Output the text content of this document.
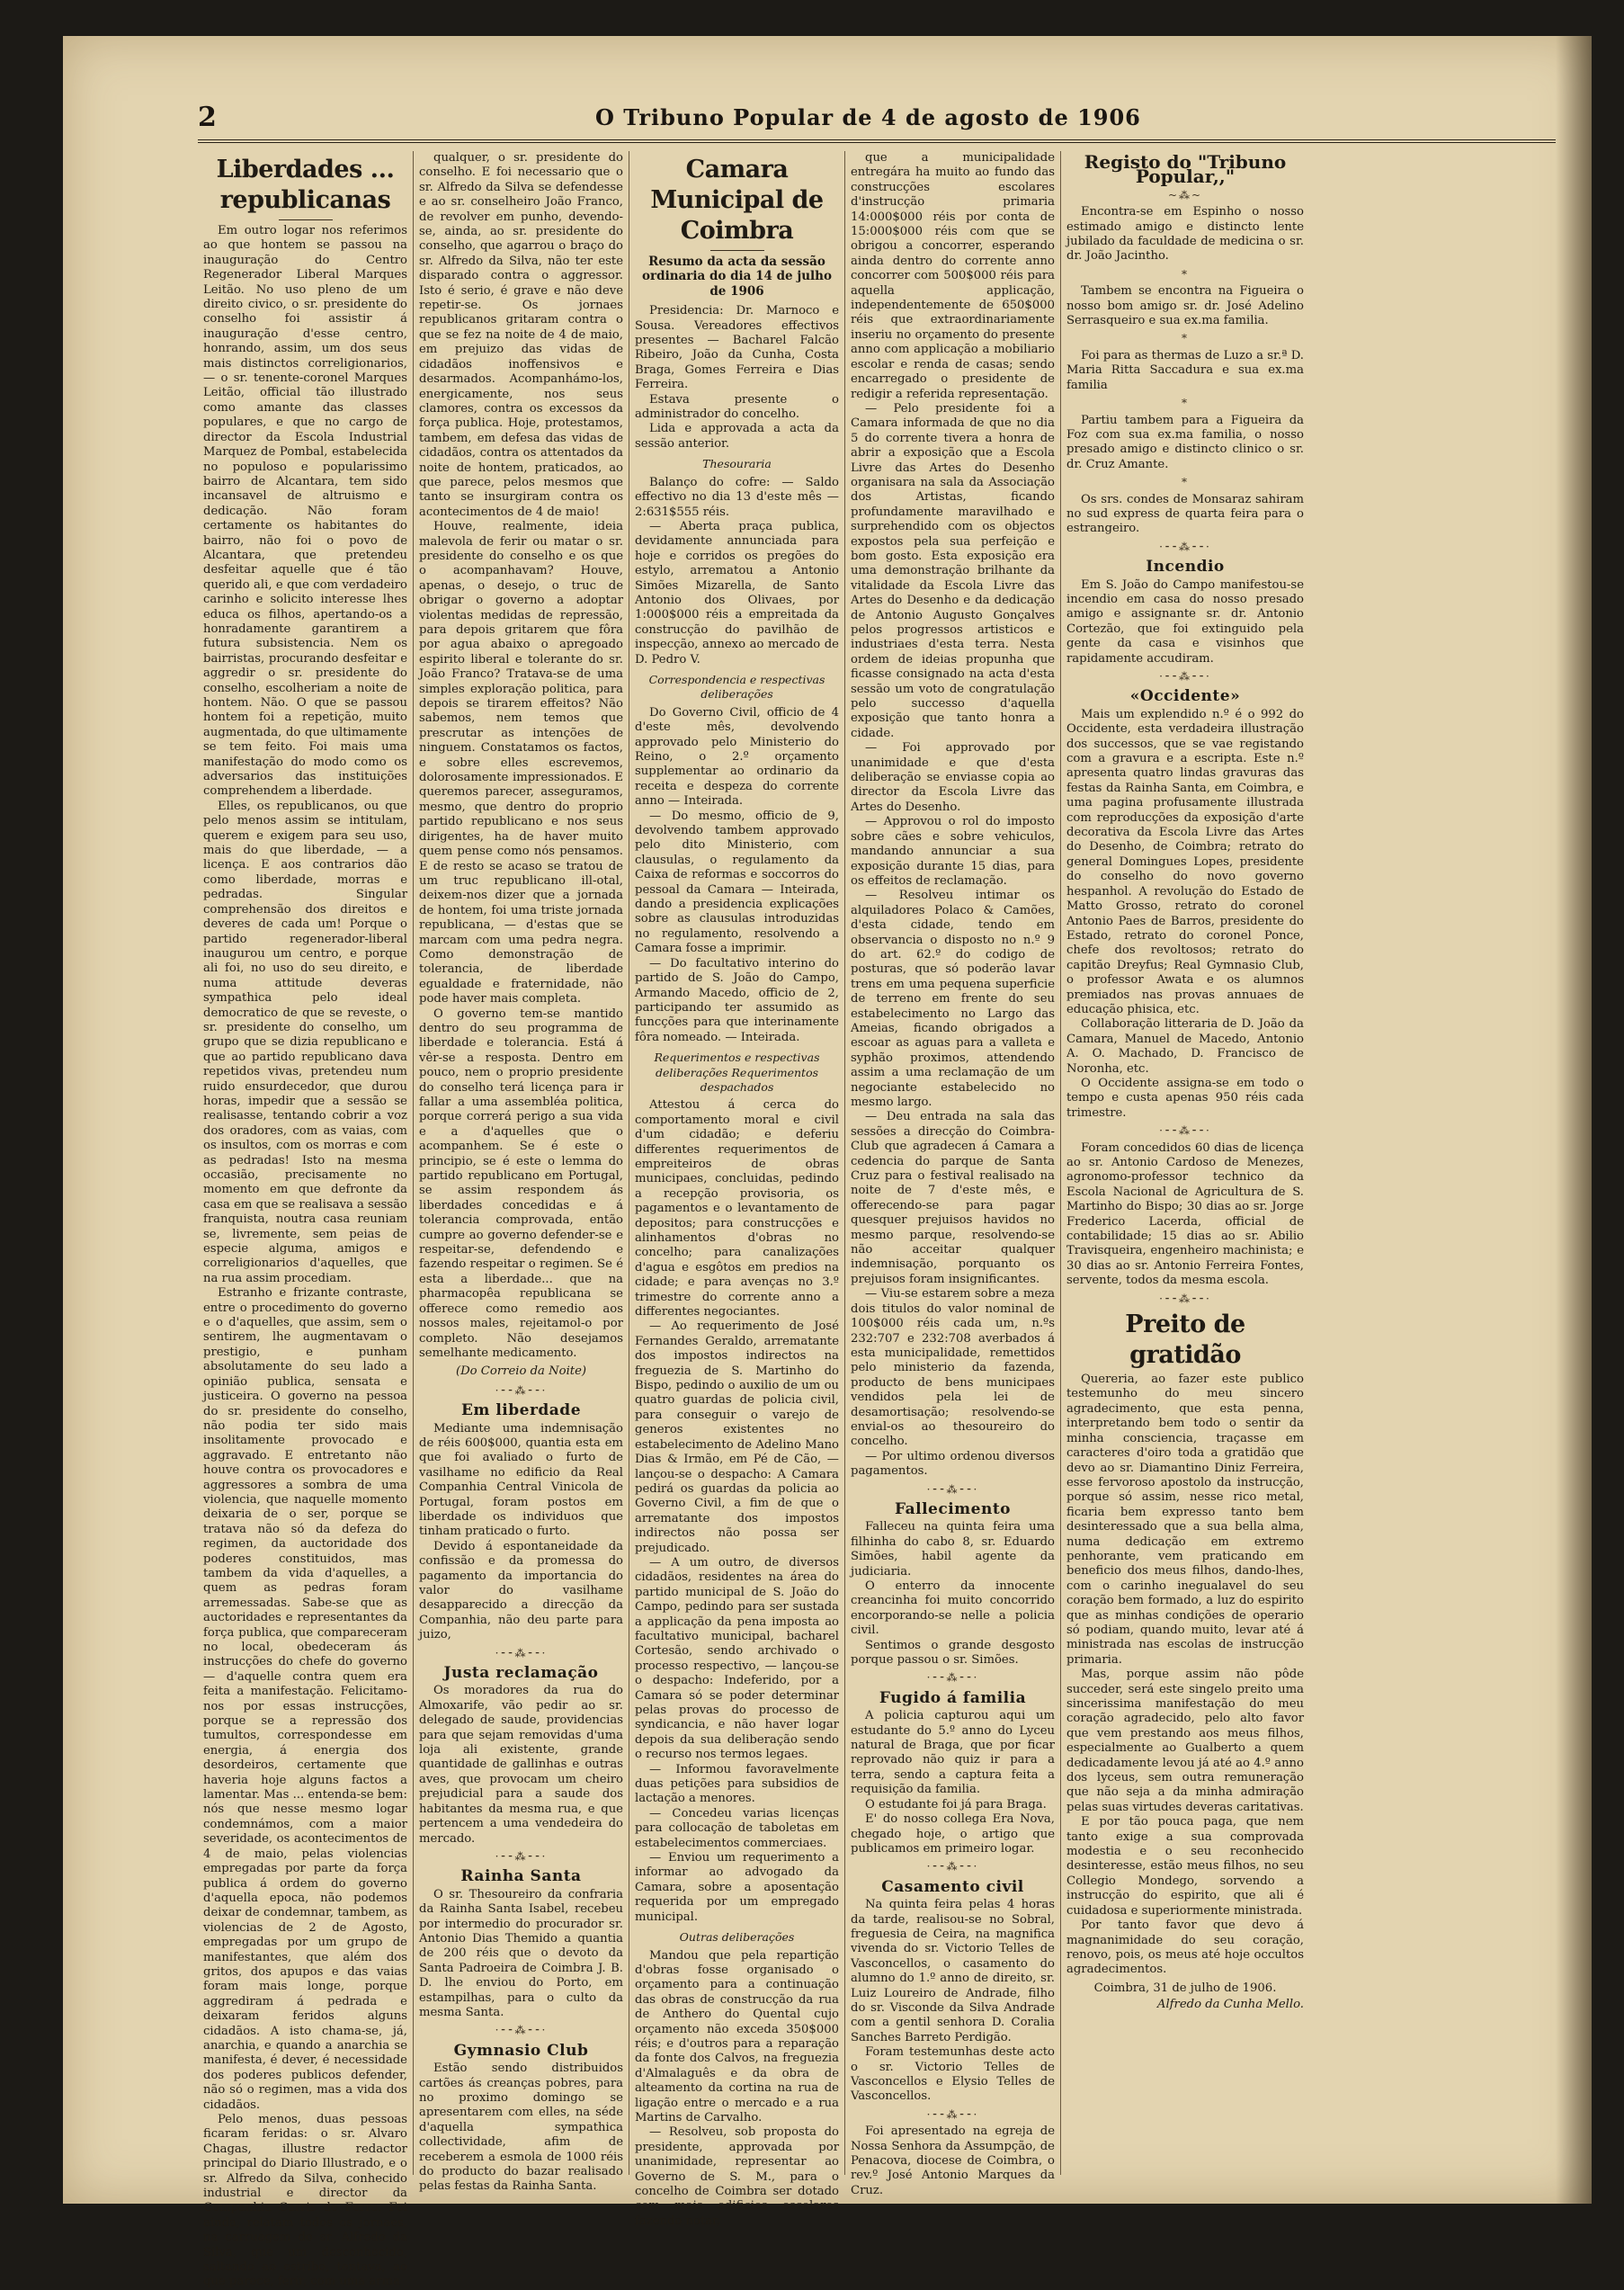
2	O Tribuno Popular de 4 de agosto de 1906
Liberdades ... republicanas

Em outro logar nos referimos ao que hontem se passou na inauguração do Centro Regenerador Liberal Marques Leitão. No uso pleno de um direito civico, o sr. presidente do conselho foi assistir á inauguração d'esse centro, honrando, assim, um dos seus mais distinctos correligionarios, — o sr. tenente-coronel Marques Leitão, official tão illustrado como amante das classes populares, e que no cargo de director da Escola Industrial Marquez de Pombal, estabelecida no populoso e popularissimo bairro de Alcantara, tem sido incansavel de altruismo e dedicação. Não foram certamente os habitantes do bairro, não foi o povo de Alcantara, que pretendeu desfeitar aquelle que é tão querido ali, e que com verdadeiro carinho e solicito interesse lhes educa os filhos, apertando-os a honradamente garantirem a futura subsistencia. Nem os bairristas, procurando desfeitar e aggredir o sr. presidente do conselho, escolheriam a noite de hontem. Não. O que se passou hontem foi a repetição, muito augmentada, do que ultimamente se tem feito. Foi mais uma manifestação do modo como os adversarios das instituições comprehendem a liberdade.

Elles, os republicanos, ou que pelo menos assim se intitulam, querem e exigem para seu uso, mais do que liberdade, — a licença. E aos contrarios dão como liberdade, morras e pedradas. Singular comprehensão dos direitos e deveres de cada um! Porque o partido regenerador-liberal inaugurou um centro, e porque ali foi, no uso do seu direito, e numa attitude deveras sympathica pelo ideal democratico de que se reveste, o sr. presidente do conselho, um grupo que se dizia republicano e que ao partido republicano dava repetidos vivas, pretendeu num ruido ensurdecedor, que durou horas, impedir que a sessão se realisasse, tentando cobrir a voz dos oradores, com as vaias, com os insultos, com os morras e com as pedradas! Isto na mesma occasião, precisamente no momento em que defronte da casa em que se realisava a sessão franquista, noutra casa reuniam se, livremente, sem peias de especie alguma, amigos e correligionarios d'aquelles, que na rua assim procediam.

Estranho e frizante contraste, entre o procedimento do governo e o d'aquelles, que assim, sem o sentirem, lhe augmentavam o prestigio, e punham absolutamente do seu lado a opinião publica, sensata e justiceira. O governo na pessoa do sr. presidente do conselho, não podia ter sido mais insolitamente provocado e aggravado. E entretanto não houve contra os provocadores e aggressores a sombra de uma violencia, que naquelle momento deixaria de o ser, porque se tratava não só da defeza do regimen, da auctoridade dos poderes constituidos, mas tambem da vida d'aquelles, a quem as pedras foram arremessadas. Sabe-se que as auctoridades e representantes da força publica, que compareceram no local, obedeceram ás instrucções do chefe do governo — d'aquelle contra quem era feita a manifestação. Felicitamo-nos por essas instrucções, porque se a repressão dos tumultos, correspondesse em energia, á energia dos desordeiros, certamente que haveria hoje alguns factos a lamentar. Mas ... entenda-se bem: nós que nesse mesmo logar condemnámos, com a maior severidade, os acontecimentos de 4 de maio, pelas violencias empregadas por parte da força publica á ordem do governo d'aquella epoca, não podemos deixar de condemnar, tambem, as violencias de 2 de Agosto, empregadas por um grupo de manifestantes, que além dos gritos, dos apupos e das vaias foram mais longe, porque aggrediram á pedrada e deixaram feridos alguns cidadãos. A isto chama-se, já, anarchia, e quando a anarchia se manifesta, é dever, é necessidade dos poderes publicos defender, não só o regimen, mas a vida dos cidadãos.

Pelo menos, duas pessoas ficaram feridas: o sr. Alvaro Chagas, illustre redactor principal do Diario Illustrado, e o sr. Alfredo da Silva, conhecido industrial e director da Companhia Carris de Ferro. Foi ainda, relatam todos os jornaes, na carruagem do sr. Alfredo da Silva, que um desconhecido, saltando ao estribo, tentava, ao que parece, ferir, com uma arma

qualquer, o sr. presidente do conselho. E foi necessario que o sr. Alfredo da Silva se defendesse e ao sr. conselheiro João Franco, de revolver em punho, devendo-se, ainda, ao sr. presidente do conselho, que agarrou o braço do sr. Alfredo da Silva, não ter este disparado contra o aggressor. Isto é serio, é grave e não deve repetir-se. Os jornaes republicanos gritaram contra o que se fez na noite de 4 de maio, em prejuizo das vidas de cidadãos inoffensivos e desarmados. Acompanhámo-los, energicamente, nos seus clamores, contra os excessos da força publica. Hoje, protestamos, tambem, em defesa das vidas de cidadãos, contra os attentados da noite de hontem, praticados, ao que parece, pelos mesmos que tanto se insurgiram contra os acontecimentos de 4 de maio!

Houve, realmente, ideia malevola de ferir ou matar o sr. presidente do conselho e os que o acompanhavam? Houve, apenas, o desejo, o truc de obrigar o governo a adoptar violentas medidas de repressão, para depois gritarem que fôra por agua abaixo o apregoado espirito liberal e tolerante do sr. João Franco? Tratava-se de uma simples exploração politica, para depois se tirarem effeitos? Não sabemos, nem temos que prescrutar as intenções de ninguem. Constatamos os factos, e sobre elles escrevemos, dolorosamente impressionados. E queremos parecer, asseguramos, mesmo, que dentro do proprio partido republicano e nos seus dirigentes, ha de haver muito quem pense como nós pensamos. E de resto se acaso se tratou de um truc republicano ill-otal, deixem-nos dizer que a jornada de hontem, foi uma triste jornada republicana, — d'estas que se marcam com uma pedra negra. Como demonstração de tolerancia, de liberdade egualdade e fraternidade, não pode haver mais completa.

O governo tem-se mantido dentro do seu programma de liberdade e tolerancia. Está á vêr-se a resposta. Dentro em pouco, nem o proprio presidente do conselho terá licença para ir fallar a uma assembléa politica, porque correrá perigo a sua vida e a d'aquelles que o acompanhem. Se é este o principio, se é este o lemma do partido republicano em Portugal, se assim respondem ás liberdades concedidas e á tolerancia comprovada, então cumpre ao governo defender-se e respeitar-se, defendendo e fazendo respeitar o regimen. Se é esta a liberdade... que na pharmacopêa republicana se offerece como remedio aos nossos males, rejeitamol-o por completo. Não desejamos semelhante medicamento.

(Do Correio da Noite)
·⁃⁃⁂⁃⁃·
Em liberdade

Mediante uma indemnisação de réis 600$000, quantia esta em que foi avaliado o furto de vasilhame no edificio da Real Companhia Central Vinicola de Portugal, foram postos em liberdade os individuos que tinham praticado o furto.

Devido á espontaneidade da confissão e da promessa do pagamento da importancia do valor do vasilhame desapparecido a direcção da Companhia, não deu parte para juizo,

·⁃⁃⁂⁃⁃·
Justa reclamação

Os moradores da rua do Almoxarife, vão pedir ao sr. delegado de saude, providencias para que sejam removidas d'uma loja ali existente, grande quantidade de gallinhas e outras aves, que provocam um cheiro prejudicial para a saude dos habitantes da mesma rua, e que pertencem a uma vendedeira do mercado.

·⁃⁃⁂⁃⁃·
Rainha Santa

O sr. Thesoureiro da confraria da Rainha Santa Isabel, recebeu por intermedio do procurador sr. Antonio Dias Themido a quantia de 200 réis que o devoto da Santa Padroeira de Coimbra J. B. D. lhe enviou do Porto, em estampilhas, para o culto da mesma Santa.

·⁃⁃⁂⁃⁃·
Gymnasio Club

Estão sendo distribuidos cartões ás creanças pobres, para no proximo domingo se apresentarem com elles, na séde d'aquella sympathica collectividade, afim de receberem a esmola de 1000 réis do producto do bazar realisado pelas festas da Rainha Santa.

Camara Municipal de Coimbra
Resumo da acta da sessão ordinaria do dia 14 de julho de 1906

Presidencia: Dr. Marnoco e Sousa. Vereadores effectivos presentes — Bacharel Falcão Ribeiro, João da Cunha, Costa Braga, Gomes Ferreira e Dias Ferreira.

Estava presente o administrador do concelho.

Lida e approvada a acta da sessão anterior.

Thesouraria

Balanço do cofre: — Saldo effectivo no dia 13 d'este mês — 2:631$555 réis.

— Aberta praça publica, devidamente annunciada para hoje e corridos os pregões do estylo, arrematou a Antonio Simões Mizarella, de Santo Antonio dos Olivaes, por 1:000$000 réis a empreitada da construcção do pavilhão de inspecção, annexo ao mercado de D. Pedro V.

Correspondencia e respectivas deliberações

Do Governo Civil, officio de 4 d'este mês, devolvendo approvado pelo Ministerio do Reino, o 2.º orçamento supplementar ao ordinario da receita e despeza do corrente anno — Inteirada.

— Do mesmo, officio de 9, devolvendo tambem approvado pelo dito Ministerio, com clausulas, o regulamento da Caixa de reformas e soccorros do pessoal da Camara — Inteirada, dando a presidencia explicações sobre as clausulas introduzidas no regulamento, resolvendo a Camara fosse a imprimir.

— Do facultativo interino do partido de S. João do Campo, Armando Macedo, officio de 2, participando ter assumido as funcções para que interinamente fôra nomeado. — Inteirada.

Requerimentos e respectivas deliberações Requerimentos despachados

Attestou á cerca do comportamento moral e civil d'um cidadão; e deferiu differentes requerimentos de empreiteiros de obras municipaes, concluidas, pedindo a recepção provisoria, os pagamentos e o levantamento de depositos; para construcções e alinhamentos d'obras no concelho; para canalizações d'agua e esgôtos em predios na cidade; e para avenças no 3.º trimestre do corrente anno a differentes negociantes.

— Ao requerimento de José Fernandes Geraldo, arrematante dos impostos indirectos na freguezia de S. Martinho do Bispo, pedindo o auxilio de um ou quatro guardas de policia civil, para conseguir o varejo de generos existentes no estabelecimento de Adelino Mano Dias & Irmão, em Pé de Cão, — lançou-se o despacho: A Camara pedirá os guardas da policia ao Governo Civil, a fim de que o arrematante dos impostos indirectos não possa ser prejudicado.

— A um outro, de diversos cidadãos, residentes na área do partido municipal de S. João do Campo, pedindo para ser sustada a applicação da pena imposta ao facultativo municipal, bacharel Cortesão, sendo archivado o processo respectivo, — lançou-se o despacho: Indeferido, por a Camara só se poder determinar pelas provas do processo de syndicancia, e não haver logar depois da sua deliberação sendo o recurso nos termos legaes.

— Informou favoravelmente duas petições para subsidios de lactação a menores.

— Concedeu varias licenças para collocação de taboletas em estabelecimentos commerciaes.

— Enviou um requerimento a informar ao advogado da Camara, sobre a aposentação requerida por um empregado municipal.

Outras deliberações

Mandou que pela repartição d'obras fosse organisado o orçamento para a continuação das obras de construcção da rua de Anthero do Quental cujo orçamento não exceda 350$000 réis; e d'outros para a reparação da fonte dos Calvos, na freguezia d'Almalaguês e da obra de alteamento da cortina na rua de ligação entre o mercado e a rua Martins de Carvalho.

— Resolveu, sob proposta do presidente, approvada por unanimidade, representar ao Governo de S. M., para o concelho de Coimbra ser dotado com mais edificios escolares fazendo notar,

que a municipalidade entregára ha muito ao fundo das construcções escolares d'instrucção primaria 14:000$000 réis por conta de 15:000$000 réis com que se obrigou a concorrer, esperando ainda dentro do corrente anno concorrer com 500$000 réis para aquella applicação, independentemente de 650$000 réis que extraordinariamente inseriu no orçamento do presente anno com applicação a mobiliario escolar e renda de casas; sendo encarregado o presidente de redigir a referida representação.

— Pelo presidente foi a Camara informada de que no dia 5 do corrente tivera a honra de abrir a exposição que a Escola Livre das Artes do Desenho organisara na sala da Associação dos Artistas, ficando profundamente maravilhado e surprehendido com os objectos expostos pela sua perfeição e bom gosto. Esta exposição era uma demonstração brilhante da vitalidade da Escola Livre das Artes do Desenho e da dedicação de Antonio Augusto Gonçalves pelos progressos artisticos e industriaes d'esta terra. Nesta ordem de ideias propunha que ficasse consignado na acta d'esta sessão um voto de congratulação pelo successo d'aquella exposição que tanto honra a cidade.

— Foi approvado por unanimidade e que d'esta deliberação se enviasse copia ao director da Escola Livre das Artes do Desenho.

— Approvou o rol do imposto sobre cães e sobre vehiculos, mandando annunciar a sua exposição durante 15 dias, para os effeitos de reclamação.

— Resolveu intimar os alquiladores Polaco & Camões, d'esta cidade, tendo em observancia o disposto no n.º 9 do art. 62.º do codigo de posturas, que só poderão lavar trens em uma pequena superficie de terreno em frente do seu estabelecimento no Largo das Ameias, ficando obrigados a escoar as aguas para a valleta e syphão proximos, attendendo assim a uma reclamação de um negociante estabelecido no mesmo largo.

— Deu entrada na sala das sessões a direcção do Coimbra-Club que agradecen á Camara a cedencia do parque de Santa Cruz para o festival realisado na noite de 7 d'este mês, e offerecendo-se para pagar quesquer prejuisos havidos no mesmo parque, resolvendo-se não acceitar qualquer indemnisação, porquanto os prejuisos foram insignificantes.

— Viu-se estarem sobre a meza dois titulos do valor nominal de 100$000 réis cada um, n.ºs 232:707 e 232:708 averbados á esta municipalidade, remettidos pelo ministerio da fazenda, producto de bens municipaes vendidos pela lei de desamortisação; resolvendo-se envial-os ao thesoureiro do concelho.

— Por ultimo ordenou diversos pagamentos.

·⁃⁃⁂⁃⁃·
Fallecimento

Falleceu na quinta feira uma filhinha do cabo 8, sr. Eduardo Simões, habil agente da judiciaria.

O enterro da innocente creancinha foi muito concorrido encorporando-se nelle a policia civil.

Sentimos o grande desgosto porque passou o sr. Simões.

·⁃⁃⁂⁃⁃·
Fugido á familia

A policia capturou aqui um estudante do 5.º anno do Lyceu natural de Braga, que por ficar reprovado não quiz ir para a terra, sendo a captura feita a requisição da familia.

O estudante foi já para Braga.

E' do nosso collega Era Nova, chegado hoje, o artigo que publicamos em primeiro logar.

·⁃⁃⁂⁃⁃·
Casamento civil

Na quinta feira pelas 4 horas da tarde, realisou-se no Sobral, freguesia de Ceira, na magnifica vivenda do sr. Victorio Telles de Vasconcellos, o casamento do alumno do 1.º anno de direito, sr. Luiz Loureiro de Andrade, filho do sr. Visconde da Silva Andrade com a gentil senhora D. Coralia Sanches Barreto Perdigão.

Foram testemunhas deste acto o sr. Victorio Telles de Vasconcellos e Elysio Telles de Vasconcellos.

·⁃⁃⁂⁃⁃·

Foi apresentado na egreja de Nossa Senhora da Assumpção, de Penacova, diocese de Coimbra, o rev.º José Antonio Marques da Cruz.

Registo do "Tribuno Popular,,"
~⁂~

Encontra-se em Espinho o nosso estimado amigo e distincto lente jubilado da faculdade de medicina o sr. dr. João Jacintho.

*

Tambem se encontra na Figueira o nosso bom amigo sr. dr. José Adelino Serrasqueiro e sua ex.ma familia.

*

Foi para as thermas de Luzo a sr.ª D. Maria Ritta Saccadura e sua ex.ma familia

*

Partiu tambem para a Figueira da Foz com sua ex.ma familia, o nosso presado amigo e distincto clinico o sr. dr. Cruz Amante.

*

Os srs. condes de Monsaraz sahiram no sud express de quarta feira para o estrangeiro.

·⁃⁃⁂⁃⁃·
Incendio

Em S. João do Campo manifestou-se incendio em casa do nosso presado amigo e assignante sr. dr. Antonio Cortezão, que foi extinguido pela gente da casa e visinhos que rapidamente accudiram.

·⁃⁃⁂⁃⁃·
«Occidente»

Mais um explendido n.º é o 992 do Occidente, esta verdadeira illustração dos successos, que se vae registando com a gravura e a escripta. Este n.º apresenta quatro lindas gravuras das festas da Rainha Santa, em Coimbra, e uma pagina profusamente illustrada com reproducções da exposição d'arte decorativa da Escola Livre das Artes do Desenho, de Coimbra; retrato do general Domingues Lopes, presidente do conselho do novo governo hespanhol. A revolução do Estado de Matto Grosso, retrato do coronel Antonio Paes de Barros, presidente do Estado, retrato do coronel Ponce, chefe dos revoltosos; retrato do capitão Dreyfus; Real Gymnasio Club, o professor Awata e os alumnos premiados nas provas annuaes de educação phisica, etc.

Collaboração litteraria de D. João da Camara, Manuel de Macedo, Antonio A. O. Machado, D. Francisco de Noronha, etc.

O Occidente assigna-se em todo o tempo e custa apenas 950 réis cada trimestre.

·⁃⁃⁂⁃⁃·

Foram concedidos 60 dias de licença ao sr. Antonio Cardoso de Menezes, agronomo-professor technico da Escola Nacional de Agricultura de S. Martinho do Bispo; 30 dias ao sr. Jorge Frederico Lacerda, official de contabilidade; 15 dias ao sr. Abilio Travisqueira, engenheiro machinista; e 30 dias ao sr. Antonio Ferreira Fontes, servente, todos da mesma escola.

·⁃⁃⁂⁃⁃·
Preito de gratidão

Quereria, ao fazer este publico testemunho do meu sincero agradecimento, que esta penna, interpretando bem todo o sentir da minha consciencia, traçasse em caracteres d'oiro toda a gratidão que devo ao sr. Diamantino Diniz Ferreira, esse fervoroso apostolo da instrucção, porque só assim, nesse rico metal, ficaria bem expresso tanto bem desinteressado que a sua bella alma, numa dedicação em extremo penhorante, vem praticando em beneficio dos meus filhos, dando-lhes, com o carinho inegualavel do seu coração bem formado, a luz do espirito que as minhas condições de operario só podiam, quando muito, levar até á ministrada nas escolas de instrucção primaria.

Mas, porque assim não pôde succeder, será este singelo preito uma sincerissima manifestação do meu coração agradecido, pelo alto favor que vem prestando aos meus filhos, especialmente ao Gualberto a quem dedicadamente levou já até ao 4.º anno dos lyceus, sem outra remuneração que não seja a da minha admiração pelas suas virtudes deveras caritativas.

E por tão pouca paga, que nem tanto exige a sua comprovada modestia e o seu reconhecido desinteresse, estão meus filhos, no seu Collegio Mondego, sorvendo a instrucção do espirito, que ali é cuidadosa e superiormente ministrada.

Por tanto favor que devo á magnanimidade do seu coração, renovo, pois, os meus até hoje occultos agradecimentos.

Coimbra, 31 de julho de 1906.
Alfredo da Cunha Mello.
